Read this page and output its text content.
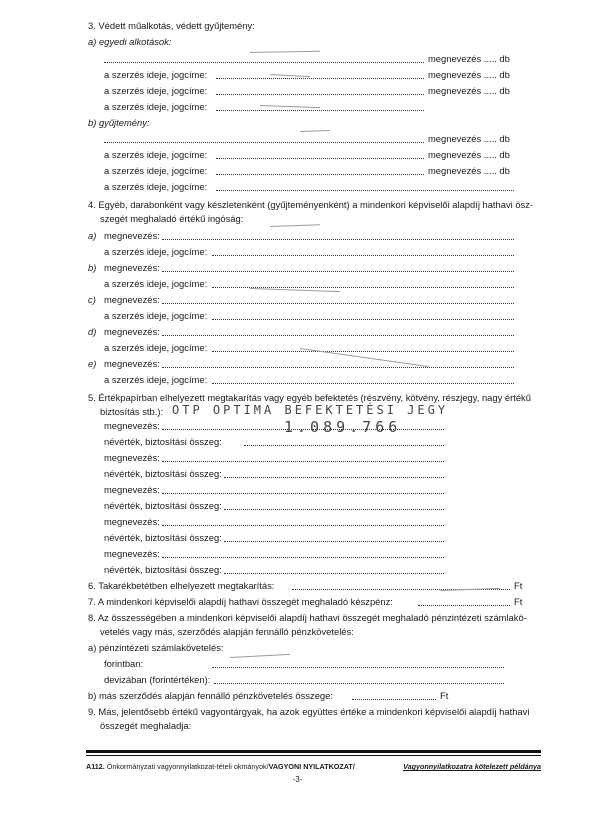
3. Védett műalkotás, védett gyűjtemény:
a) egyedi alkotások:
megnevezés ..... db
a szerzés ideje, jogcíme:	megnevezés ..... db
a szerzés ideje, jogcíme:	megnevezés ..... db
a szerzés ideje, jogcíme:
b) gyűjtemény:
megnevezés ..... db
a szerzés ideje, jogcíme:	megnevezés ..... db
a szerzés ideje, jogcíme:	megnevezés ..... db
a szerzés ideje, jogcíme:
4. Egyéb, darabonként vagy készletenként (gyűjteményenként) a mindenkori képviselői alapdíj hathavi ösz-
szegét meghaladó értékű ingóság:
a) megnevezés:
a szerzés ideje, jogcíme:
b) megnevezés:
a szerzés ideje, jogcíme:
c) megnevezés:
a szerzés ideje, jogcíme:
d) megnevezés:
a szerzés ideje, jogcíme:
e) megnevezés:
a szerzés ideje, jogcíme:
5. Értékpapírban elhelyezett megtakarítás vagy egyéb befektetés (részvény, kötvény, részjegy, nagy értékű
biztosítás stb.):
megnevezés:
OTP OPTIMA BEFEKTETÉSI JEGY
névérték, biztosítási összeg:
1.089.766
megnevezés:
névérték, biztosítási összeg:
megnevezés:
névérték, biztosítási összeg:
megnevezés:
névérték, biztosítási összeg:
megnevezés:
névérték, biztosítási összeg:
6. Takarékbetétben elhelyezett megtakarítás:	Ft
7. A mindenkori képviselői alapdíj hathavi összegét meghaladó készpénz:	Ft
8. Az összességében a mindenkori képviselői alapdíj hathavi összegét meghaladó pénzintézeti számlakö-
vetelés vagy más, szerződés alapján fennálló pénzkövetelés:
a) pénzintézeti számlakövetelés:
forintban:
devizában (forintértéken):
b) más szerződés alapján fennálló pénzkövetelés összege:	Ft
9. Más, jelentősebb értékű vagyontárgyak, ha azok együttes értéke a mindenkori képviselői alapdíj hathavi
összegét meghaladja:
A112. Önkormányzati vagyonnyilatkozat-tételi okmányok/VAGYONI NYILATKOZAT/	Vagyonnyilatkozatra kötelezett példánya
-3-
